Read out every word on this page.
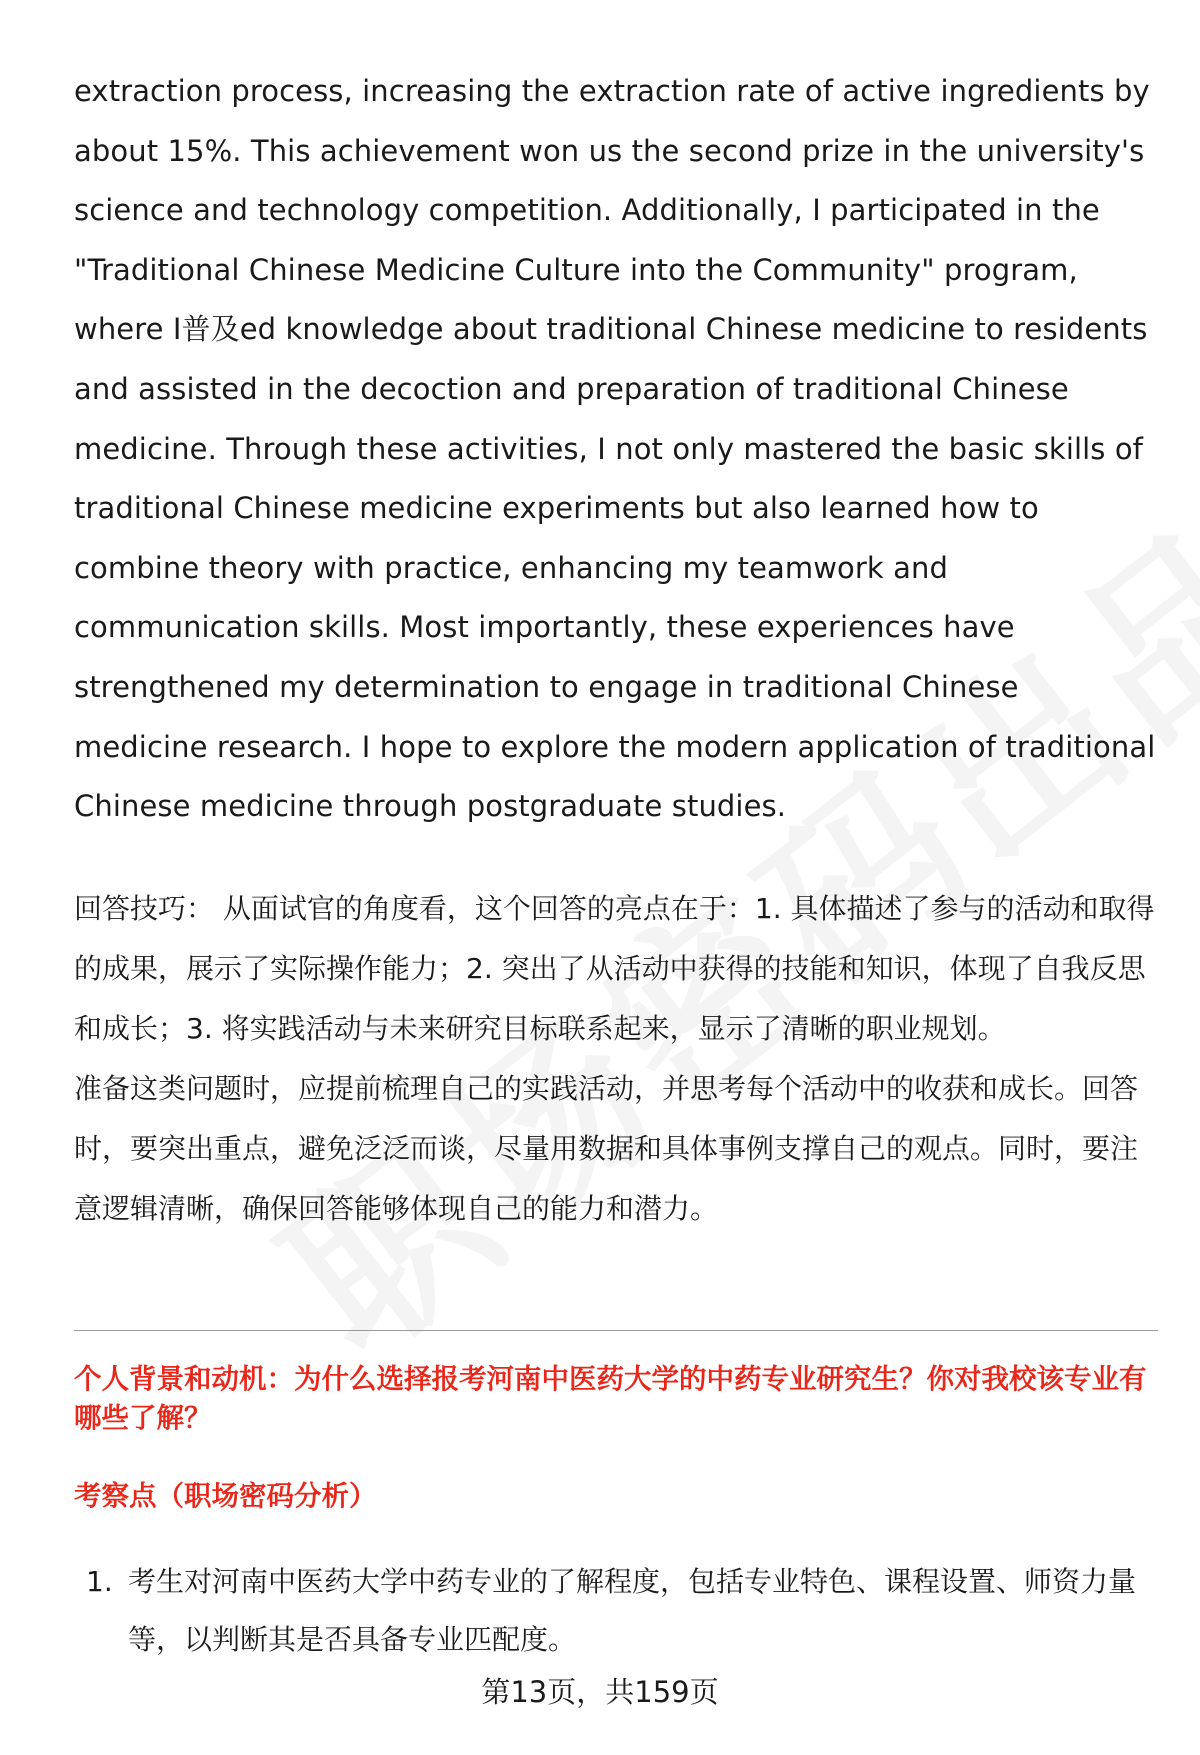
extraction process, increasing the extraction rate of active ingredients by about 15%. This achievement won us the second prize in the university's science and technology competition. Additionally, I participated in the "Traditional Chinese Medicine Culture into the Community" program, where I普及ed knowledge about traditional Chinese medicine to residents and assisted in the decoction and preparation of traditional Chinese medicine. Through these activities, I not only mastered the basic skills of traditional Chinese medicine experiments but also learned how to combine theory with practice, enhancing my teamwork and communication skills. Most importantly, these experiences have strengthened my determination to engage in traditional Chinese medicine research. I hope to explore the modern application of traditional Chinese medicine through postgraduate studies.

回答技巧： 从面试官的角度看，这个回答的亮点在于：1. 具体描述了参与的活动和取得的成果，展示了实际操作能力；2. 突出了从活动中获得的技能和知识，体现了自我反思和成长；3. 将实践活动与未来研究目标联系起来，显示了清晰的职业规划。

准备这类问题时，应提前梳理自己的实践活动，并思考每个活动中的收获和成长。回答时，要突出重点，避免泛泛而谈，尽量用数据和具体事例支撑自己的观点。同时，要注意逻辑清晰，确保回答能够体现自己的能力和潜力。

个人背景和动机：为什么选择报考河南中医药大学的中药专业研究生？你对我校该专业有哪些了解？

考察点（职场密码分析）

1. 考生对河南中医药大学中药专业的了解程度，包括专业特色、课程设置、师资力量等，以判断其是否具备专业匹配度。
第13页，共159页
